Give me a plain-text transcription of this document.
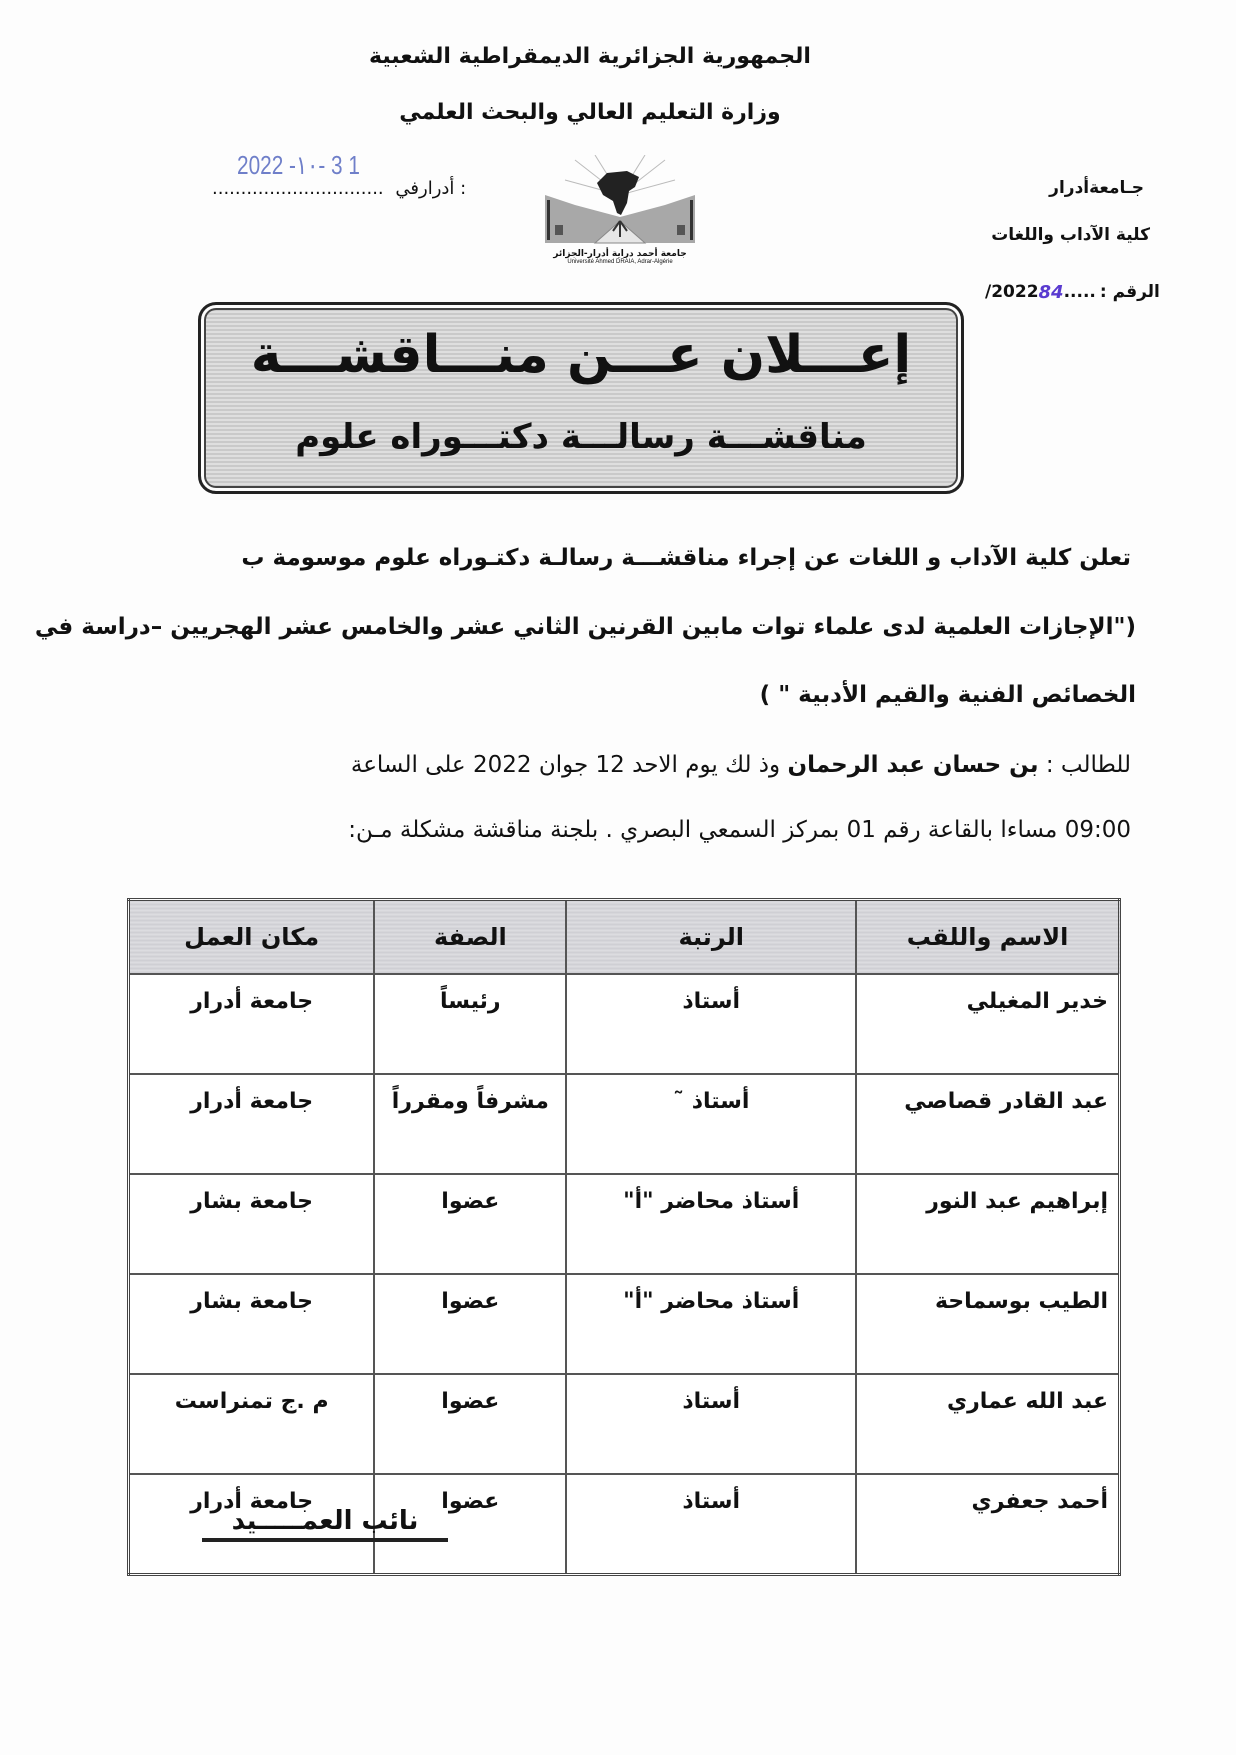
الجمهورية الجزائرية الديمقراطية الشعبية
وزارة التعليم العالي والبحث العلمي
جـامعةأدرار
كلية الآداب واللغات
/2022 84 ..... الرقم :
2022 -١٠- 3 1
.............................. أدرارفي :
جامعة أحمد دراية أدرار-الجزائر
Université Ahmed DRAIA, Adrar-Algérie
إعـــلان عـــن منـــاقشـــة
مناقشـــة رسالـــة دكتـــوراه علوم
تعلن كلية الآداب و اللغات عن إجراء مناقشـــة رسالـة دكتـوراه علوم موسومة ب
("الإجازات العلمية لدى علماء توات مابين القرنين الثاني عشر والخامس عشر الهجريين –دراسة في
الخصائص الفنية والقيم الأدبية " )
للطالب : بن حسان عبد الرحمان وذ لك يوم الاحد 12 جوان 2022 على الساعة
09:00 مساءا بالقاعة رقم 01 بمركز السمعي البصري . بلجنة مناقشة مشكلة مـن:
الاسم واللقب	الرتبة	الصفة	مكان العمل
خدير المغيلي	أستاذ	رئيساً	جامعة أدرار
عبد القادر قصاصي	أستاذ ˜	مشرفاً ومقرراً	جامعة أدرار
إبراهيم عبد النور	أستاذ محاضر "أ"	عضوا	جامعة بشار
الطيب بوسماحة	أستاذ محاضر "أ"	عضوا	جامعة بشار
عبد الله عماري	أستاذ	عضوا	م .ج تمنراست
أحمد جعفري	أستاذ	عضوا	جامعة أدرار
نائب العمـــــيد
